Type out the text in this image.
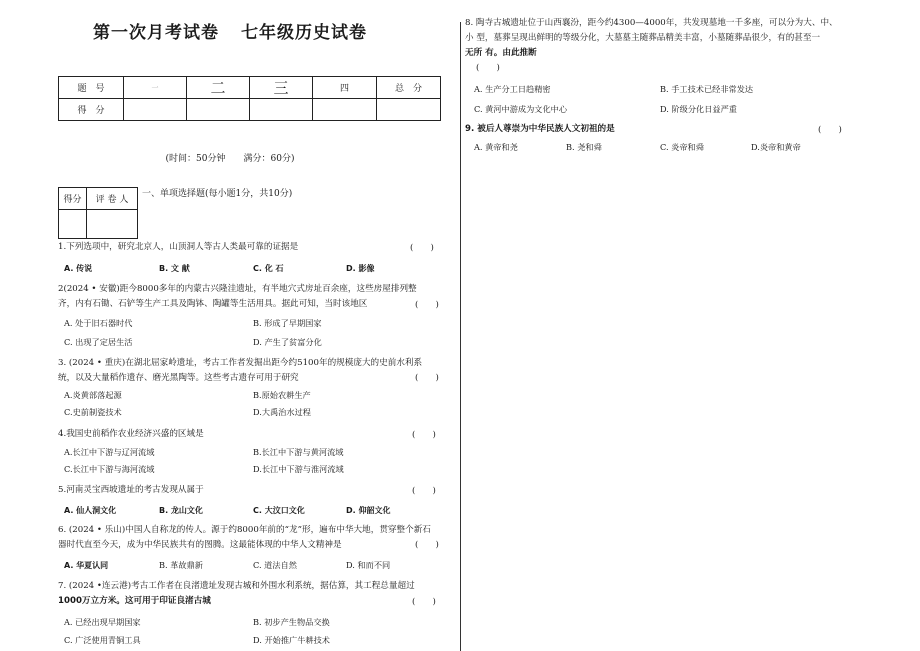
第一次月考试卷 七年级历史试卷
题　号	一	二	三	四	总　分
得　分					
(时间：50分钟　　满分：60分)
得分	评 卷 人

一、单项选择题(每小题1分，共10分)
1.下列选项中，研究北京人，山顶洞人等古人类最可靠的证据是	(　　)
A. 传说	B. 文 献	C. 化 石	D. 影像
2(2024 • 安徽)距今8000多年的内蒙古兴隆洼遗址，有半地穴式房址百余座，这些房屋排列整
齐，内有石锄、石铲等生产工具及陶钵、陶罐等生活用具。据此可知，当时该地区	(　　)
A. 处于旧石器时代	B. 形成了早期国家
C. 出现了定居生活	D. 产生了贫富分化
3. (2024 • 重庆)在湖北屈家岭遗址，考古工作者发掘出距今约5100年的规模庞大的史前水利系
统，以及大量稻作遗存、磨光黑陶等。这些考古遗存可用于研究	(　　)
A.炎黄部落起源	B.原始农耕生产
C.史前制瓷技术	D.大禹治水过程
4.我国史前稻作农业经济兴盛的区域是	(　　)
A.长江中下游与辽河流域	B.长江中下游与黄河流域
C.长江中下游与海河流域	D.长江中下游与淮河流域
5.河南灵宝西坡遗址的考古发现从属于	(　　)
A. 仙人洞文化	B. 龙山文化	C. 大汶口文化	D. 仰韶文化
6. (2024 • 乐山)中国人自称龙的传人。源于约8000年前的“龙”形，遍布中华大地，贯穿整个新石
器时代直至今天，成为中华民族共有的图腾。这最能体现的中华人文精神是	(　　)
A. 华夏认同	B. 革故鼎新	C. 道法自然	D. 和而不同
7. (2024 •连云港)考古工作者在良渚遗址发现古城和外围水利系统，据估算，其工程总量超过
1000万立方米。这可用于印证良渚古城	(　　)
A. 已经出现早期国家	B. 初步产生物品交换
C. 广泛使用青铜工具	D. 开始推广牛耕技术
8. 陶寺古城遗址位于山西襄汾，距今约4300—4000年，共发现墓地一千多座，可以分为大、中、
小 型，墓葬呈现出鲜明的等级分化，大墓墓主随葬品精美丰富，小墓随葬品很少，有的甚至一
无所 有。由此推断
(　　)
A. 生产分工日趋精密	B. 手工技术已经非常发达
C. 黄河中游成为文化中心	D. 阶级分化日益严重
9. 被后人尊崇为中华民族人文初祖的是	(　　)
A. 黄帝和尧	B. 尧和舜	C. 炎帝和舜	D.炎帝和黄帝
